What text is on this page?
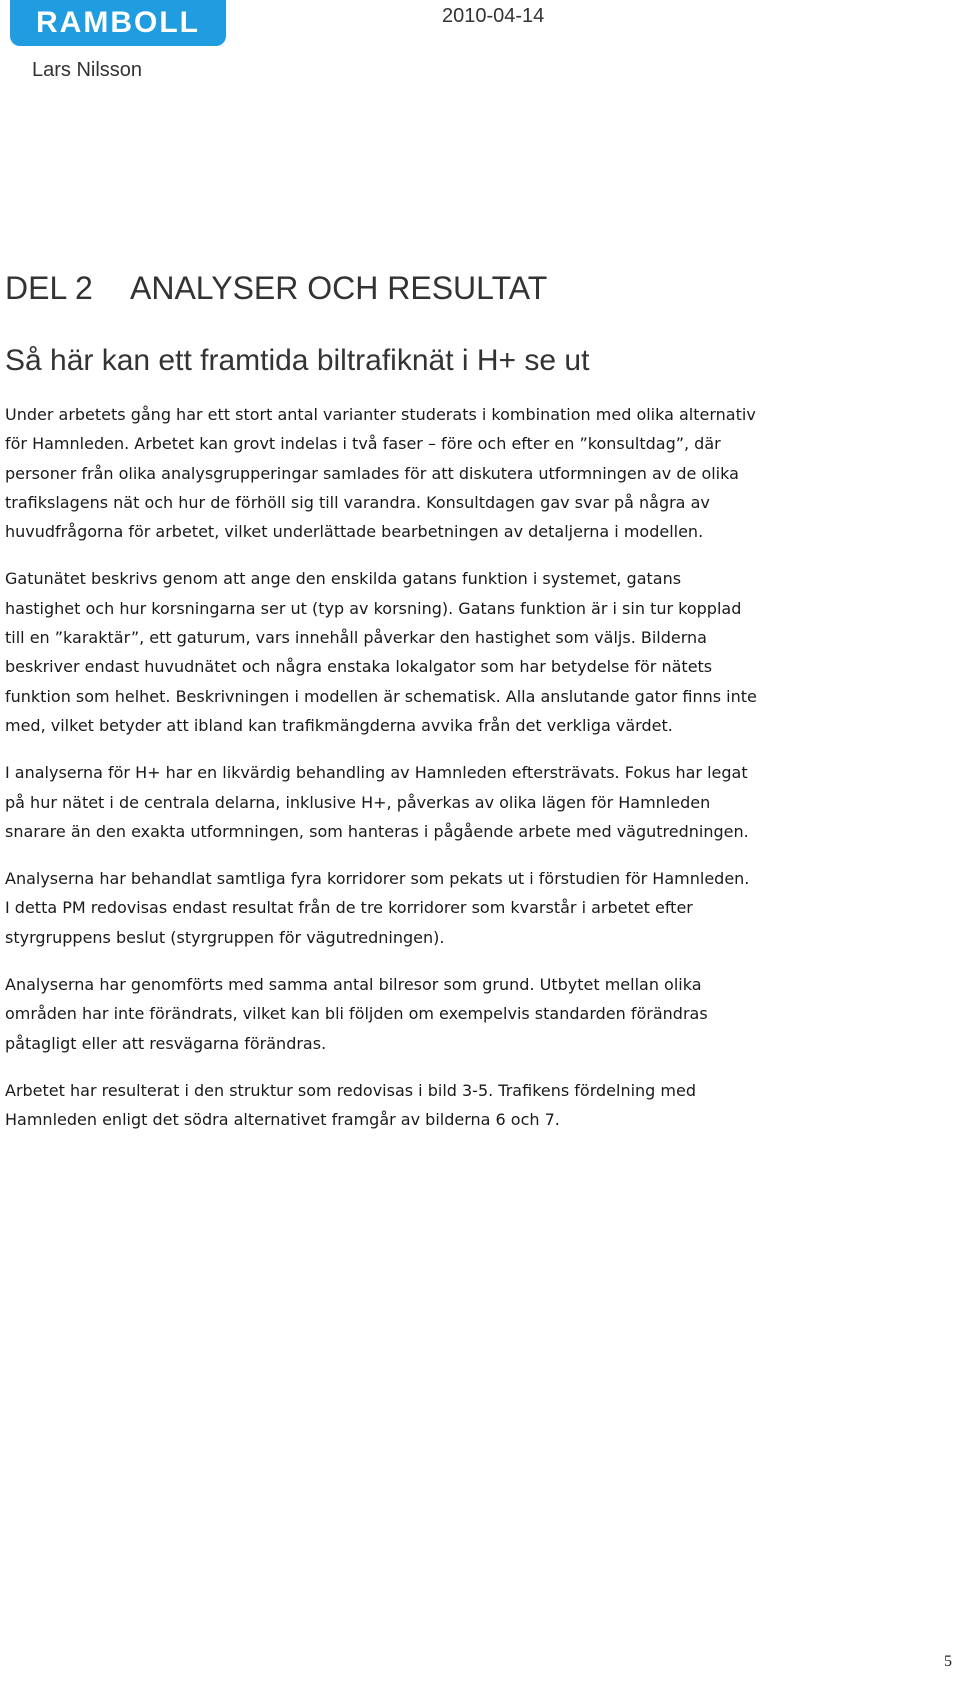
RAMBOLL	2010-04-14
Lars Nilsson
DEL 2	ANALYSER OCH RESULTAT
Så här kan ett framtida biltrafiknät i H+ se ut

Under arbetets gång har ett stort antal varianter studerats i kombination med olika alternativ
för Hamnleden. Arbetet kan grovt indelas i två faser – före och efter en ”konsultdag”, där
personer från olika analysgrupperingar samlades för att diskutera utformningen av de olika
trafikslagens nät och hur de förhöll sig till varandra. Konsultdagen gav svar på några av
huvudfrågorna för arbetet, vilket underlättade bearbetningen av detaljerna i modellen.

Gatunätet beskrivs genom att ange den enskilda gatans funktion i systemet, gatans
hastighet och hur korsningarna ser ut (typ av korsning). Gatans funktion är i sin tur kopplad
till en ”karaktär”, ett gaturum, vars innehåll påverkar den hastighet som väljs. Bilderna
beskriver endast huvudnätet och några enstaka lokalgator som har betydelse för nätets
funktion som helhet. Beskrivningen i modellen är schematisk. Alla anslutande gator finns inte
med, vilket betyder att ibland kan trafikmängderna avvika från det verkliga värdet.

I analyserna för H+ har en likvärdig behandling av Hamnleden eftersträvats. Fokus har legat
på hur nätet i de centrala delarna, inklusive H+, påverkas av olika lägen för Hamnleden
snarare än den exakta utformningen, som hanteras i pågående arbete med vägutredningen.

Analyserna har behandlat samtliga fyra korridorer som pekats ut i förstudien för Hamnleden.
I detta PM redovisas endast resultat från de tre korridorer som kvarstår i arbetet efter
styrgruppens beslut (styrgruppen för vägutredningen).

Analyserna har genomförts med samma antal bilresor som grund. Utbytet mellan olika
områden har inte förändrats, vilket kan bli följden om exempelvis standarden förändras
påtagligt eller att resvägarna förändras.

Arbetet har resulterat i den struktur som redovisas i bild 3-5. Trafikens fördelning med
Hamnleden enligt det södra alternativet framgår av bilderna 6 och 7.

5
